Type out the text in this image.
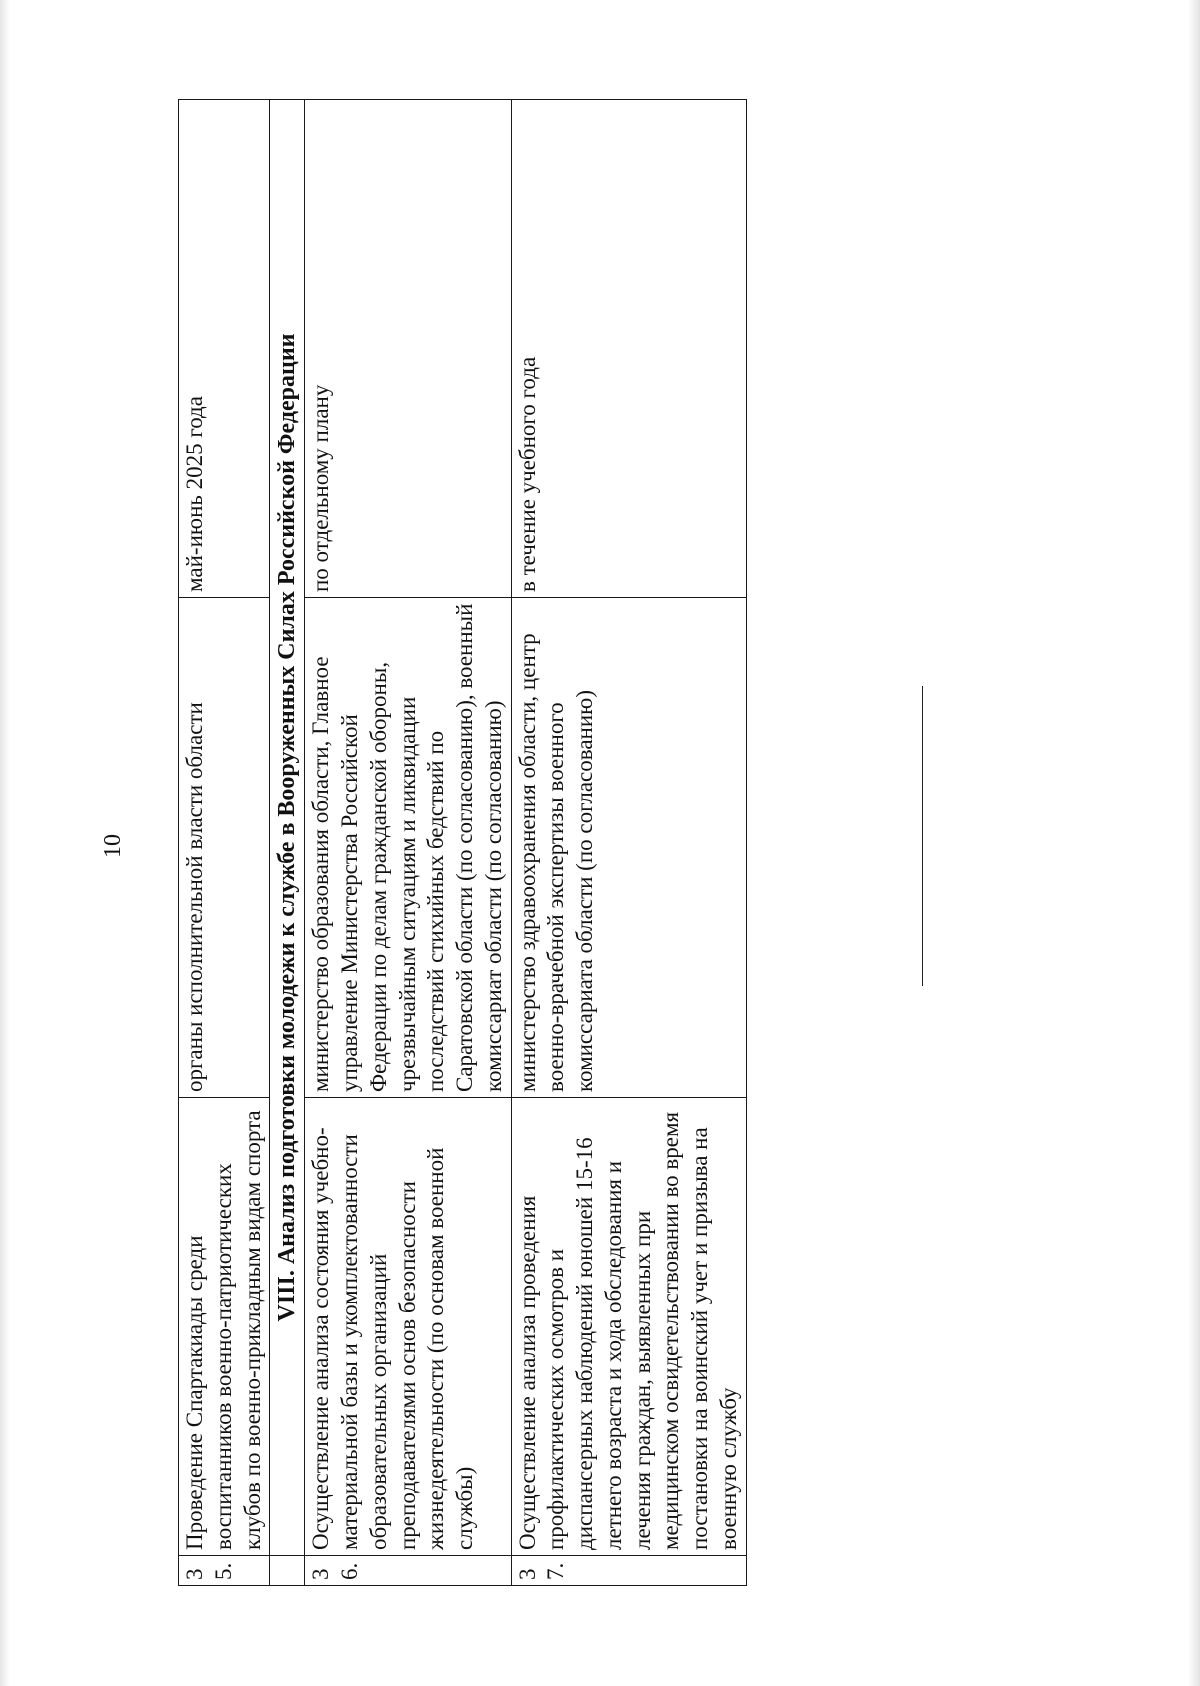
10
35.	Проведение Спартакиады среди воспитанников военно-патриотических клубов по военно-прикладным видам спорта	органы исполнительной власти области	май-июнь 2025 года
	VIII. Анализ подготовки молодежи к службе в Вооруженных Силах Российской Федерации		
36.	Осуществление анализа состояния учебно-материальной базы и укомплектованности образовательных организаций преподавателями основ безопасности жизнедеятельности (по основам военной службы)	министерство образования области, Главное управление Министерства Российской Федерации по делам гражданской обороны, чрезвычайным ситуациям и ликвидации последствий стихийных бедствий по Саратовской области (по согласованию), военный комиссариат области (по согласованию)	по отдельному плану
37.	Осуществление анализа проведения профилактических осмотров и диспансерных наблюдений юношей 15-16 летнего возраста и хода обследования и лечения граждан, выявленных при медицинском освидетельствовании во время постановки на воинский учет и призыва на военную службу	министерство здравоохранения области, центр военно-врачебной экспертизы военного комиссариата области (по согласованию)	в течение учебного года
